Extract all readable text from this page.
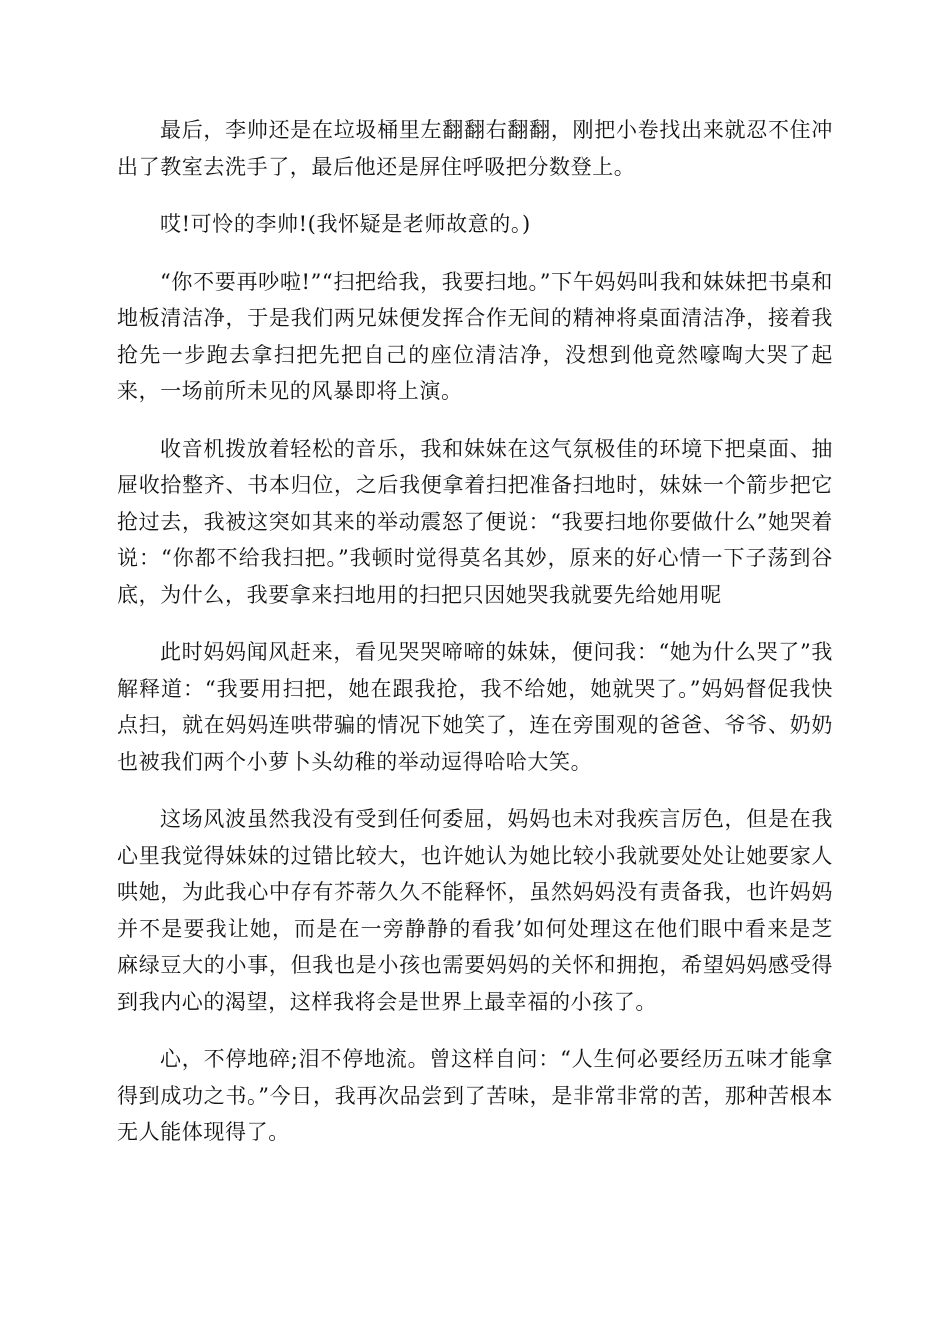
最后，李帅还是在垃圾桶里左翻翻右翻翻，刚把小卷找出来就忍不住冲出了教室去洗手了，最后他还是屏住呼吸把分数登上。

哎!可怜的李帅!(我怀疑是老师故意的。)

“你不要再吵啦!”“扫把给我，我要扫地。”下午妈妈叫我和妹妹把书桌和地板清洁净，于是我们两兄妹便发挥合作无间的精神将桌面清洁净，接着我抢先一步跑去拿扫把先把自己的座位清洁净，没想到他竟然嚎啕大哭了起来，一场前所未见的风暴即将上演。

收音机拨放着轻松的音乐，我和妹妹在这气氛极佳的环境下把桌面、抽屉收拾整齐、书本归位，之后我便拿着扫把准备扫地时，妹妹一个箭步把它抢过去，我被这突如其来的举动震怒了便说：“我要扫地你要做什么”她哭着说：“你都不给我扫把。”我顿时觉得莫名其妙，原来的好心情一下子荡到谷底，为什么，我要拿来扫地用的扫把只因她哭我就要先给她用呢

此时妈妈闻风赶来，看见哭哭啼啼的妹妹，便问我：“她为什么哭了”我解释道：“我要用扫把，她在跟我抢，我不给她，她就哭了。”妈妈督促我快点扫，就在妈妈连哄带骗的情况下她笑了，连在旁围观的爸爸、爷爷、奶奶也被我们两个小萝卜头幼稚的举动逗得哈哈大笑。

这场风波虽然我没有受到任何委屈，妈妈也未对我疾言厉色，但是在我心里我觉得妹妹的过错比较大，也许她认为她比较小我就要处处让她要家人哄她，为此我心中存有芥蒂久久不能释怀，虽然妈妈没有责备我，也许妈妈并不是要我让她，而是在一旁静静的看我’如何处理这在他们眼中看来是芝麻绿豆大的小事，但我也是小孩也需要妈妈的关怀和拥抱，希望妈妈感受得到我内心的渴望，这样我将会是世界上最幸福的小孩了。

心，不停地碎;泪不停地流。曾这样自问：“人生何必要经历五味才能拿得到成功之书。”今日，我再次品尝到了苦味，是非常非常的苦，那种苦根本无人能体现得了。
